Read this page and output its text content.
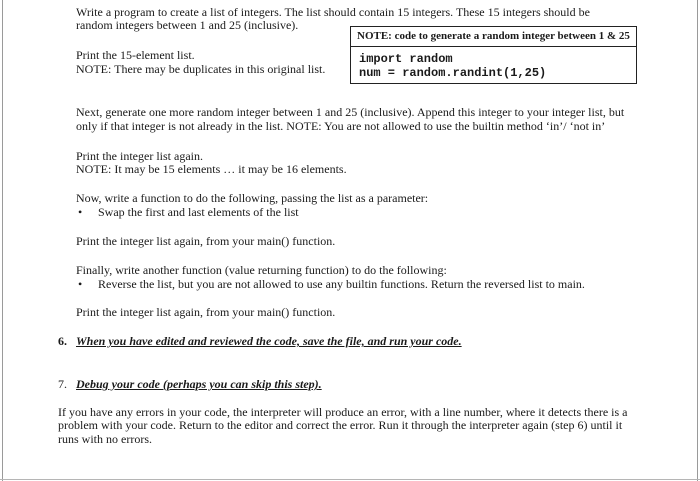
Write a program to create a list of integers. The list should contain 15 integers. These 15 integers should be

random integers between 1 and 25 (inclusive).

NOTE: code to generate a random integer between 1 & 25
import random
num = random.randint(1,25)

Print the 15-element list.

NOTE: There may be duplicates in this original list.

Next, generate one more random integer between 1 and 25 (inclusive). Append this integer to your integer list, but

only if that integer is not already in the list. NOTE: You are not allowed to use the builtin method ‘in’/ ‘not in’

Print the integer list again.

NOTE: It may be 15 elements … it may be 16 elements.

Now, write a function to do the following, passing the list as a parameter:

• Swap the first and last elements of the list

Print the integer list again, from your main() function.

Finally, write another function (value returning function) to do the following:

• Reverse the list, but you are not allowed to use any builtin functions. Return the reversed list to main.

Print the integer list again, from your main() function.

6. When you have edited and reviewed the code, save the file, and run your code.
7. Debug your code (perhaps you can skip this step).

If you have any errors in your code, the interpreter will produce an error, with a line number, where it detects there is a

problem with your code. Return to the editor and correct the error. Run it through the interpreter again (step 6) until it

runs with no errors.
